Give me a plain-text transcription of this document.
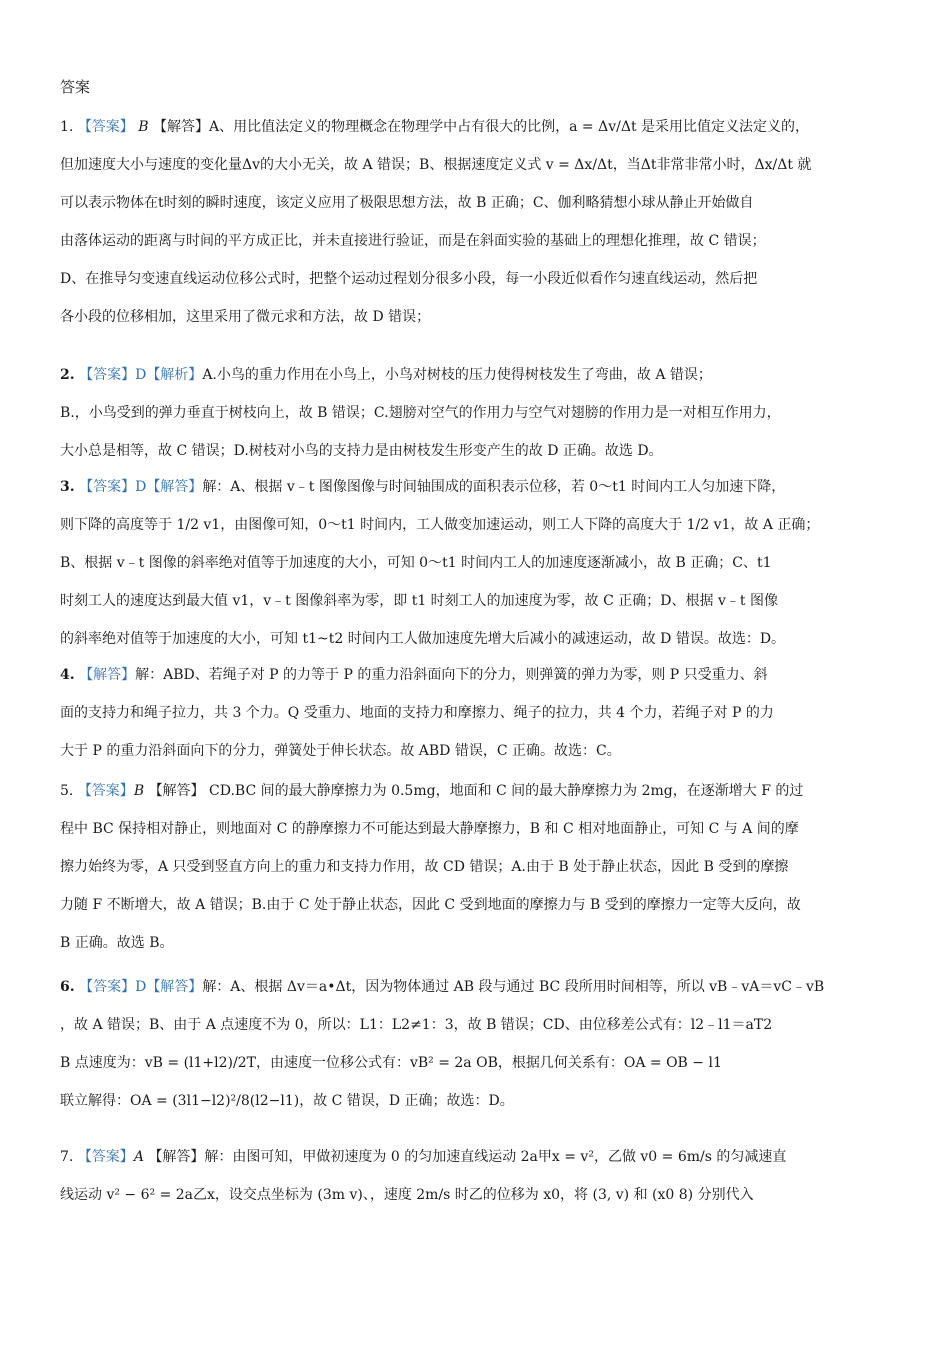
答案
1. 【答案】 B 【解答】A、用比值法定义的物理概念在物理学中占有很大的比例，a = Δv/Δt 是采用比值定义法定义的，
但加速度大小与速度的变化量Δv的大小无关，故 A 错误；B、根据速度定义式 v = Δx/Δt，当Δt非常非常小时，Δx/Δt 就
可以表示物体在t时刻的瞬时速度，该定义应用了极限思想方法，故 B 正确；C、伽利略猜想小球从静止开始做自
由落体运动的距离与时间的平方成正比，并未直接进行验证，而是在斜面实验的基础上的理想化推理，故 C 错误；
D、在推导匀变速直线运动位移公式时，把整个运动过程划分很多小段，每一小段近似看作匀速直线运动，然后把
各小段的位移相加，这里采用了微元求和方法，故 D 错误；
2. 【答案】D【解析】A.小鸟的重力作用在小鸟上，小鸟对树枝的压力使得树枝发生了弯曲，故 A 错误；
B.，小鸟受到的弹力垂直于树枝向上，故 B 错误；C.翅膀对空气的作用力与空气对翅膀的作用力是一对相互作用力，
大小总是相等，故 C 错误；D.树枝对小鸟的支持力是由树枝发生形变产生的故 D 正确。故选 D。
3. 【答案】D【解答】解：A、根据 v﹣t 图像图像与时间轴围成的面积表示位移，若 0～t1 时间内工人匀加速下降，
则下降的高度等于 1/2 v1，由图像可知，0～t1 时间内，工人做变加速运动，则工人下降的高度大于 1/2 v1，故 A 正确；
B、根据 v﹣t 图像的斜率绝对值等于加速度的大小，可知 0～t1 时间内工人的加速度逐渐减小，故 B 正确；C、t1
时刻工人的速度达到最大值 v1，v﹣t 图像斜率为零，即 t1 时刻工人的加速度为零，故 C 正确；D、根据 v﹣t 图像
的斜率绝对值等于加速度的大小，可知 t1~t2 时间内工人做加速度先增大后减小的减速运动，故 D 错误。故选：D。
4. 【解答】解：ABD、若绳子对 P 的力等于 P 的重力沿斜面向下的分力，则弹簧的弹力为零，则 P 只受重力、斜
面的支持力和绳子拉力，共 3 个力。Q 受重力、地面的支持力和摩擦力、绳子的拉力，共 4 个力，若绳子对 P 的力
大于 P 的重力沿斜面向下的分力，弹簧处于伸长状态。故 ABD 错误，C 正确。故选：C。
5. 【答案】B 【解答】 CD.BC 间的最大静摩擦力为 0.5mg，地面和 C 间的最大静摩擦力为 2mg，在逐渐增大 F 的过
程中 BC 保持相对静止，则地面对 C 的静摩擦力不可能达到最大静摩擦力，B 和 C 相对地面静止，可知 C 与 A 间的摩
擦力始终为零，A 只受到竖直方向上的重力和支持力作用，故 CD 错误；A.由于 B 处于静止状态，因此 B 受到的摩擦
力随 F 不断增大，故 A 错误；B.由于 C 处于静止状态，因此 C 受到地面的摩擦力与 B 受到的摩擦力一定等大反向，故
B 正确。故选 B。
6. 【答案】D【解答】解：A、根据 Δv＝a•Δt，因为物体通过 AB 段与通过 BC 段所用时间相等，所以 vB﹣vA＝vC﹣vB
，故 A 错误；B、由于 A 点速度不为 0，所以：L1：L2≠1：3，故 B 错误；CD、由位移差公式有：l2﹣l1＝aT2
B 点速度为：vB = (l1+l2)/2T，由速度一位移公式有：vB² = 2a OB，根据几何关系有：OA = OB − l1
联立解得：OA = (3l1−l2)²/8(l2−l1)，故 C 错误，D 正确；故选：D。
7. 【答案】A 【解答】解：由图可知，甲做初速度为 0 的匀加速直线运动 2a甲x = v²，乙做 v0 = 6m/s 的匀减速直
线运动 v² − 6² = 2a乙x，设交点坐标为 (3m v)、，速度 2m/s 时乙的位移为 x0，将 (3, v) 和 (x0 8) 分别代入
